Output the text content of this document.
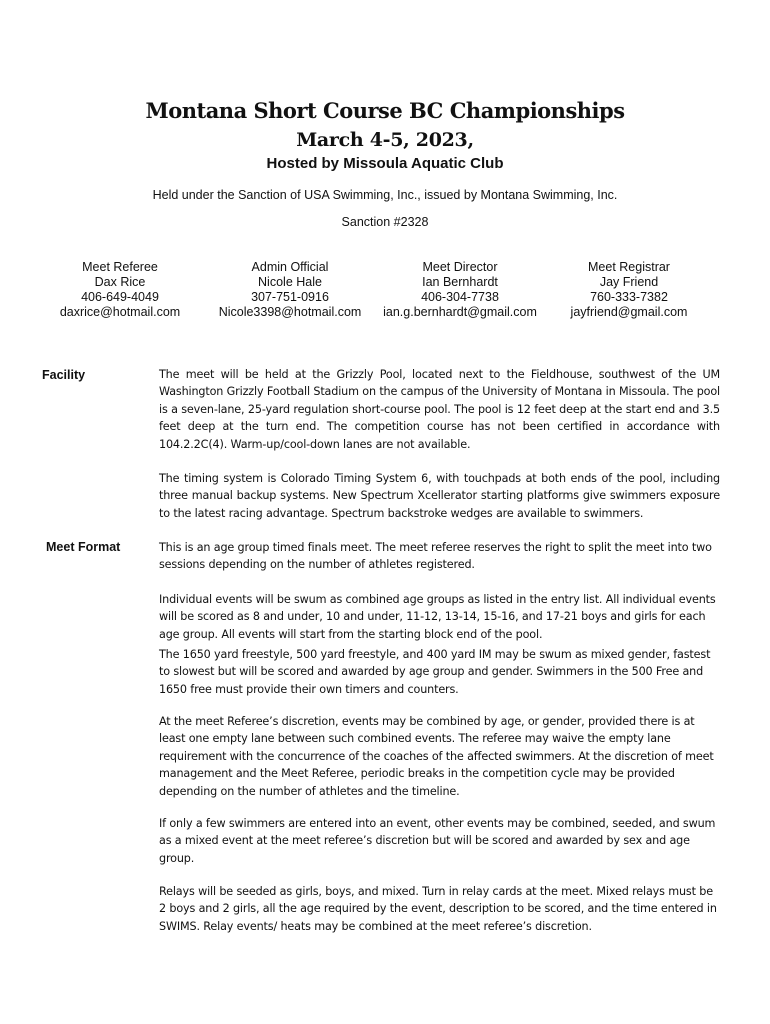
Montana Short Course BC Championships
March 4-5, 2023,
Hosted by Missoula Aquatic Club
Held under the Sanction of USA Swimming, Inc., issued by Montana Swimming, Inc.
Sanction #2328
Meet Referee
Dax Rice
406-649-4049
daxrice@hotmail.com
Admin Official
Nicole Hale
307-751-0916
Nicole3398@hotmail.com
Meet Director
Ian Bernhardt
406-304-7738
ian.g.bernhardt@gmail.com
Meet Registrar
Jay Friend
760-333-7382
jayfriend@gmail.com
Facility	The meet will be held at the Grizzly Pool, located next to the Fieldhouse, southwest of the UM Washington Grizzly Football Stadium on the campus of the University of Montana in Missoula. The pool is a seven-lane, 25-yard regulation short-course pool. The pool is 12 feet deep at the start end and 3.5 feet deep at the turn end. The competition course has not been certified in accordance with 104.2.2C(4). Warm-up/cool-down lanes are not available.

The timing system is Colorado Timing System 6, with touchpads at both ends of the pool, including three manual backup systems. New Spectrum Xcellerator starting platforms give swimmers exposure to the latest racing advantage. Spectrum backstroke wedges are available to swimmers.

Meet Format	This is an age group timed finals meet. The meet referee reserves the right to split the meet into two sessions depending on the number of athletes registered.

Individual events will be swum as combined age groups as listed in the entry list. All individual events will be scored as 8 and under, 10 and under, 11-12, 13-14, 15-16, and 17-21 boys and girls for each age group. All events will start from the starting block end of the pool.

The 1650 yard freestyle, 500 yard freestyle, and 400 yard IM may be swum as mixed gender, fastest to slowest but will be scored and awarded by age group and gender. Swimmers in the 500 Free and 1650 free must provide their own timers and counters.

At the meet Referee’s discretion, events may be combined by age, or gender, provided there is at least one empty lane between such combined events. The referee may waive the empty lane requirement with the concurrence of the coaches of the affected swimmers. At the discretion of meet management and the Meet Referee, periodic breaks in the competition cycle may be provided depending on the number of athletes and the timeline.

If only a few swimmers are entered into an event, other events may be combined, seeded, and swum as a mixed event at the meet referee’s discretion but will be scored and awarded by sex and age group.

Relays will be seeded as girls, boys, and mixed. Turn in relay cards at the meet. Mixed relays must be 2 boys and 2 girls, all the age required by the event, description to be scored, and the time entered in SWIMS. Relay events/ heats may be combined at the meet referee’s discretion.
